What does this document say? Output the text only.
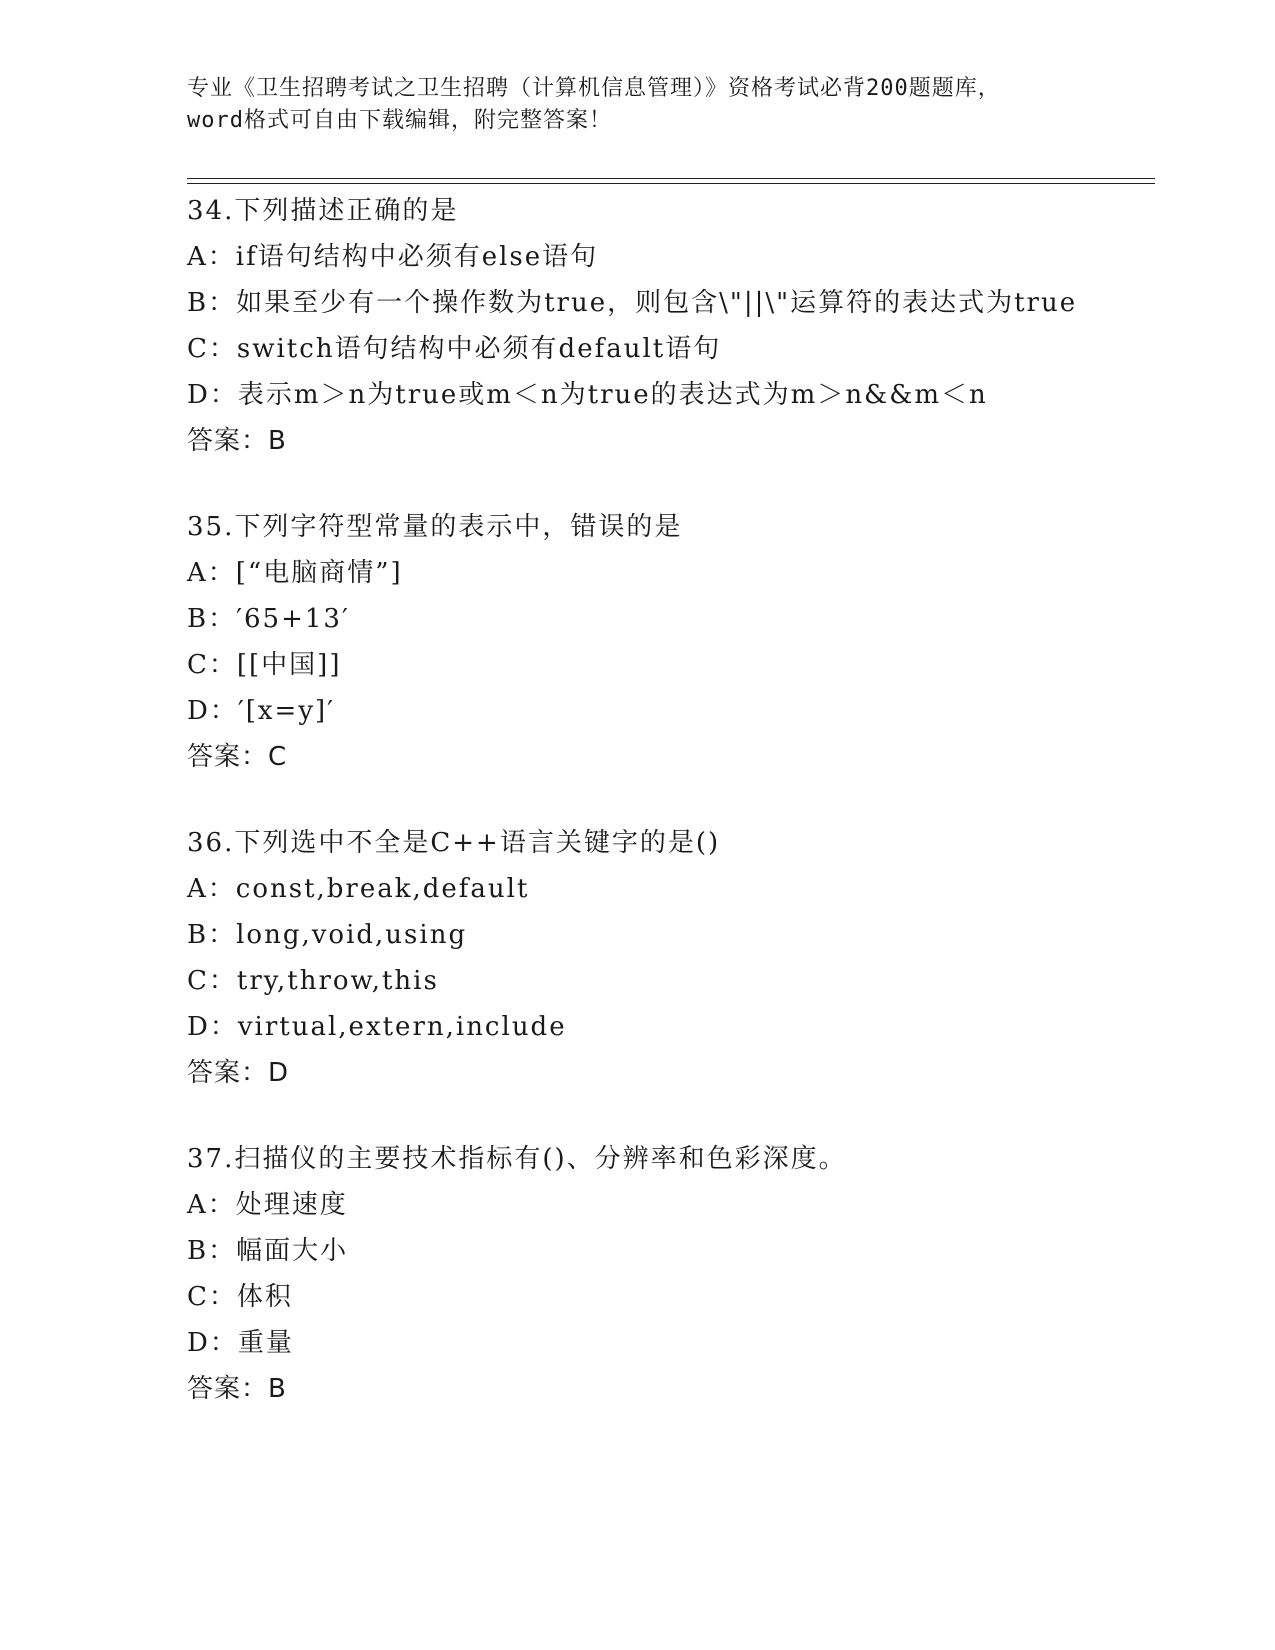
专业《卫生招聘考试之卫生招聘（计算机信息管理）》资格考试必背200题题库，
word格式可自由下载编辑，附完整答案！
34.下列描述正确的是
A：if语句结构中必须有else语句
B：如果至少有一个操作数为true，则包含\"||\"运算符的表达式为true
C：switch语句结构中必须有default语句
D：表示m＞n为true或m＜n为true的表达式为m＞n&&m＜n
答案：B
35.下列字符型常量的表示中，错误的是
A：[“电脑商情”]
B：′65+13′
C：[[中国]]
D：′[x=y]′
答案：C
36.下列选中不全是C++语言关键字的是()
A：const,break,default
B：long,void,using
C：try,throw,this
D：virtual,extern,include
答案：D
37.扫描仪的主要技术指标有()、分辨率和色彩深度。
A：处理速度
B：幅面大小
C：体积
D：重量
答案：B
